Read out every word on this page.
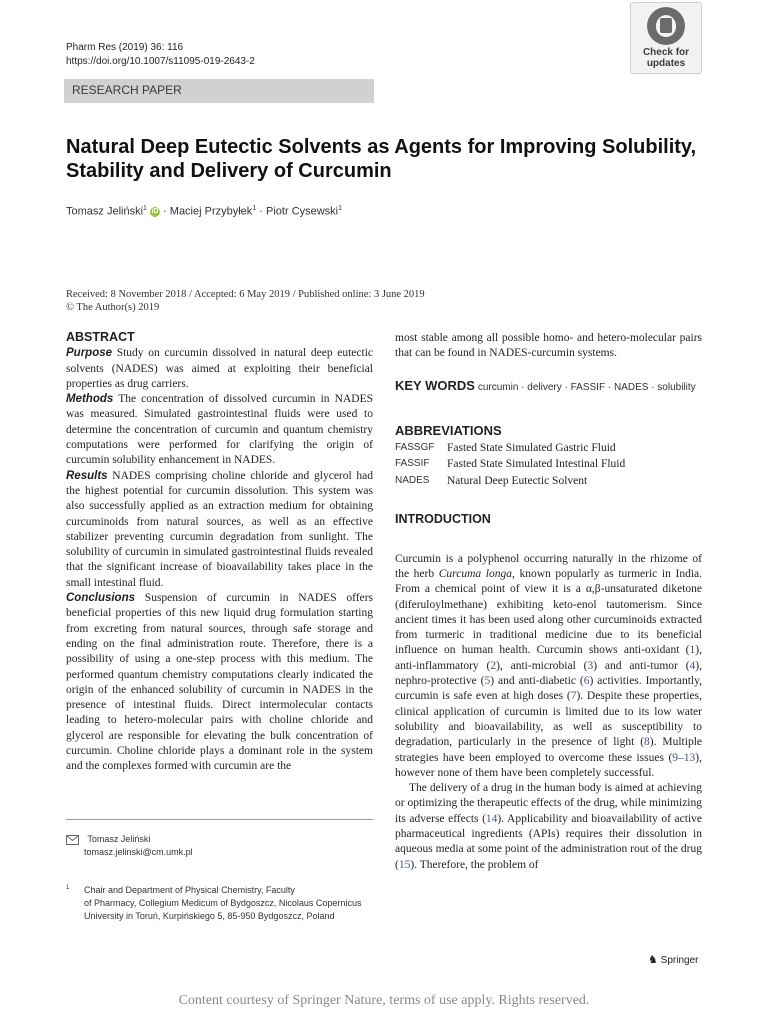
Pharm Res (2019) 36: 116
https://doi.org/10.1007/s11095-019-2643-2
Check for
updates
RESEARCH PAPER
Natural Deep Eutectic Solvents as Agents for Improving Solubility, Stability and Delivery of Curcumin
Tomasz Jeliński$^1$ iD · Maciej Przybyłek$^1$ · Piotr Cysewski$^1$
Received: 8 November 2018 / Accepted: 6 May 2019 / Published online: 3 June 2019
© The Author(s) 2019
ABSTRACT

Purpose Study on curcumin dissolved in natural deep eutectic solvents (NADES) was aimed at exploiting their beneficial properties as drug carriers.

Methods The concentration of dissolved curcumin in NADES was measured. Simulated gastrointestinal fluids were used to determine the concentration of curcumin and quantum chemistry computations were performed for clarifying the origin of curcumin solubility enhancement in NADES.

Results NADES comprising choline chloride and glycerol had the highest potential for curcumin dissolution. This system was also successfully applied as an extraction medium for obtaining curcuminoids from natural sources, as well as an effective stabilizer preventing curcumin degradation from sunlight. The solubility of curcumin in simulated gastrointestinal fluids revealed that the significant increase of bioavailability takes place in the small intestinal fluid.

Conclusions Suspension of curcumin in NADES offers beneficial properties of this new liquid drug formulation starting from excreting from natural sources, through safe storage and ending on the final administration route. Therefore, there is a possibility of using a one-step process with this medium. The performed quantum chemistry computations clearly indicated the origin of the enhanced solubility of curcumin in NADES in the presence of intestinal fluids. Direct intermolecular contacts leading to hetero-molecular pairs with choline chloride and glycerol are responsible for elevating the bulk concentration of curcumin. Choline chloride plays a dominant role in the system and the complexes formed with curcumin are the

most stable among all possible homo- and hetero-molecular pairs that can be found in NADES-curcumin systems.

KEY WORDS curcumin · delivery · FASSIF · NADES · solubility
ABBREVIATIONS
FASSGF	Fasted State Simulated Gastric Fluid
FASSIF	Fasted State Simulated Intestinal Fluid
NADES	Natural Deep Eutectic Solvent
INTRODUCTION

Curcumin is a polyphenol occurring naturally in the rhizome of the herb Curcuma longa, known popularly as turmeric in India. From a chemical point of view it is a α,β-unsaturated diketone (diferuloylmethane) exhibiting keto-enol tautomerism. Since ancient times it has been used along other curcuminoids extracted from turmeric in traditional medicine due to its beneficial influence on human health. Curcumin shows anti-oxidant (1), anti-inflammatory (2), anti-microbial (3) and anti-tumor (4), nephro-protective (5) and anti-diabetic (6) activities. Importantly, curcumin is safe even at high doses (7). Despite these properties, clinical application of curcumin is limited due to its low water solubility and bioavailability, as well as susceptibility to degradation, particularly in the presence of light (8). Multiple strategies have been employed to overcome these issues (9–13), however none of them have been completely successful.

The delivery of a drug in the human body is aimed at achieving or optimizing the therapeutic effects of the drug, while minimizing its adverse effects (14). Applicability and bioavailability of active pharmaceutical ingredients (APIs) requires their dissolution in aqueous media at some point of the administration rout of the drug (15). Therefore, the problem of

Tomasz Jeliński
tomasz.jelinski@cm.umk.pl
1 Chair and Department of Physical Chemistry, Faculty
of Pharmacy, Collegium Medicum of Bydgoszcz, Nicolaus Copernicus
University in Toruń, Kurpińskiego 5, 85-950 Bydgoszcz, Poland
♞ Springer
Content courtesy of Springer Nature, terms of use apply. Rights reserved.
